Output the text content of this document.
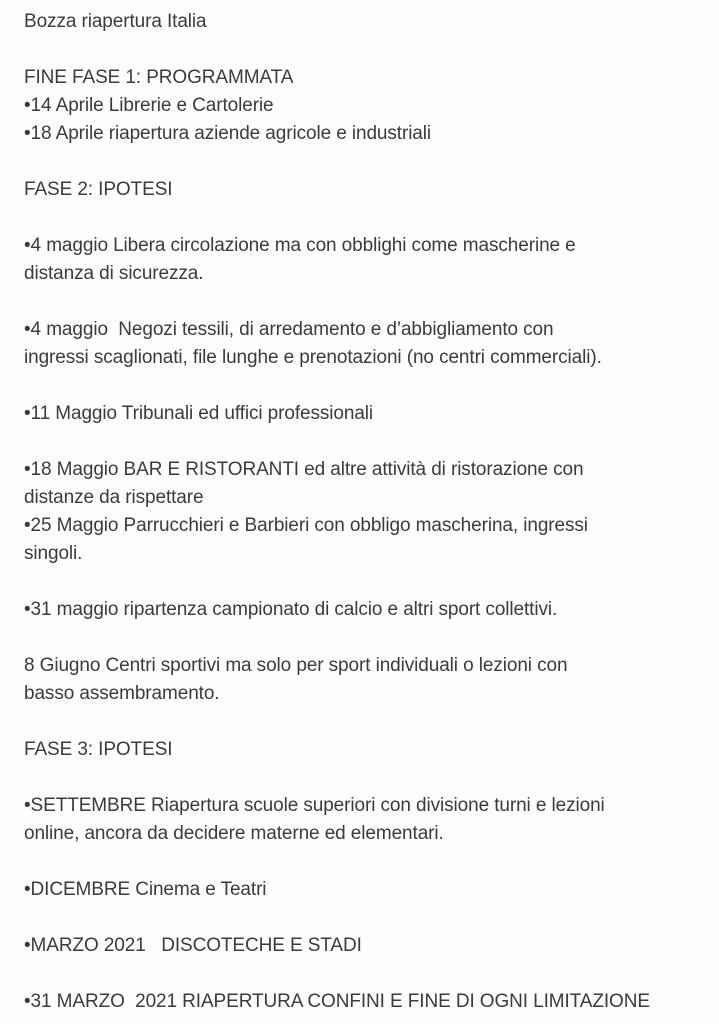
Bozza riapertura Italia
FINE FASE 1: PROGRAMMATA
•14 Aprile Librerie e Cartolerie
•18 Aprile riapertura aziende agricole e industriali
FASE 2: IPOTESI
•4 maggio Libera circolazione ma con obblighi come mascherine e
distanza di sicurezza.
•4 maggio  Negozi tessili, di arredamento e d’abbigliamento con
ingressi scaglionati, file lunghe e prenotazioni (no centri commerciali).
•11 Maggio Tribunali ed uffici professionali
•18 Maggio BAR E RISTORANTI ed altre attività di ristorazione con
distanze da rispettare
•25 Maggio Parrucchieri e Barbieri con obbligo mascherina, ingressi
singoli.
•31 maggio ripartenza campionato di calcio e altri sport collettivi.
8 Giugno Centri sportivi ma solo per sport individuali o lezioni con
basso assembramento.
FASE 3: IPOTESI
•SETTEMBRE Riapertura scuole superiori con divisione turni e lezioni
online, ancora da decidere materne ed elementari.
•DICEMBRE Cinema e Teatri
•MARZO 2021   DISCOTECHE E STADI
•31 MARZO  2021 RIAPERTURA CONFINI E FINE DI OGNI LIMITAZIONE
